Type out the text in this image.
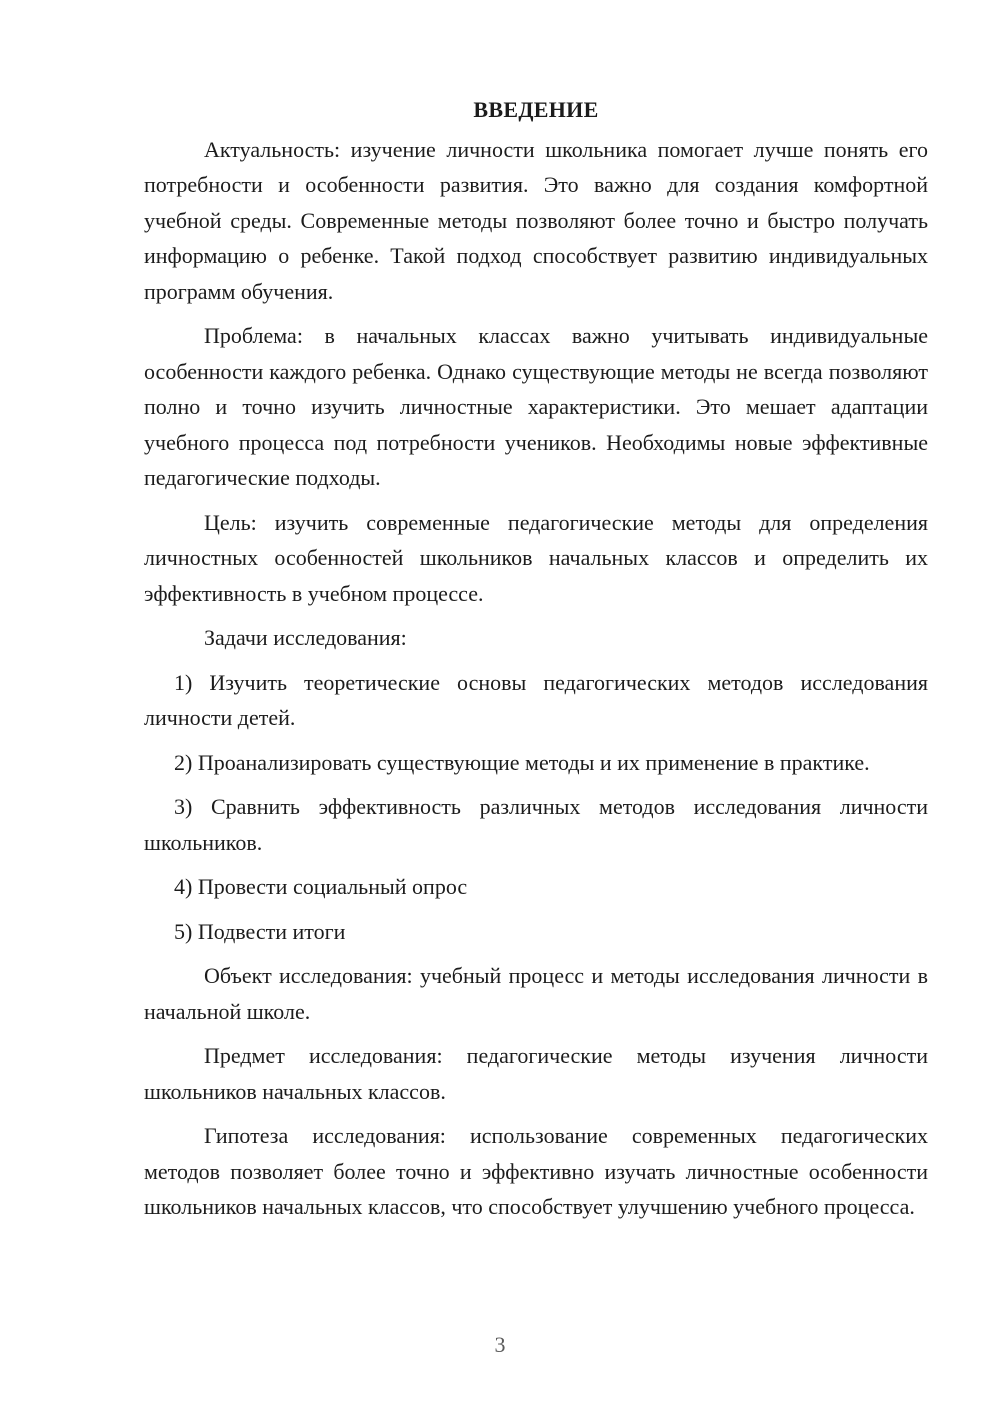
ВВЕДЕНИЕ

Актуальность: изучение личности школьника помогает лучше понять его потребности и особенности развития. Это важно для создания комфортной учебной среды. Современные методы позволяют более точно и быстро получать информацию о ребенке. Такой подход способствует развитию индивидуальных программ обучения.

Проблема: в начальных классах важно учитывать индивидуальные особенности каждого ребенка. Однако существующие методы не всегда позволяют полно и точно изучить личностные характеристики. Это мешает адаптации учебного процесса под потребности учеников. Необходимы новые эффективные педагогические подходы.

Цель: изучить современные педагогические методы для определения личностных особенностей школьников начальных классов и определить их эффективность в учебном процессе.

Задачи исследования:

1) Изучить теоретические основы педагогических методов исследования личности детей.

2) Проанализировать существующие методы и их применение в практике.

3) Сравнить эффективность различных методов исследования личности школьников.

4) Провести социальный опрос

5) Подвести итоги

Объект исследования: учебный процесс и методы исследования личности в начальной школе.

Предмет исследования: педагогические методы изучения личности школьников начальных классов.

Гипотеза исследования: использование современных педагогических методов позволяет более точно и эффективно изучать личностные особенности школьников начальных классов, что способствует улучшению учебного процесса.

3
